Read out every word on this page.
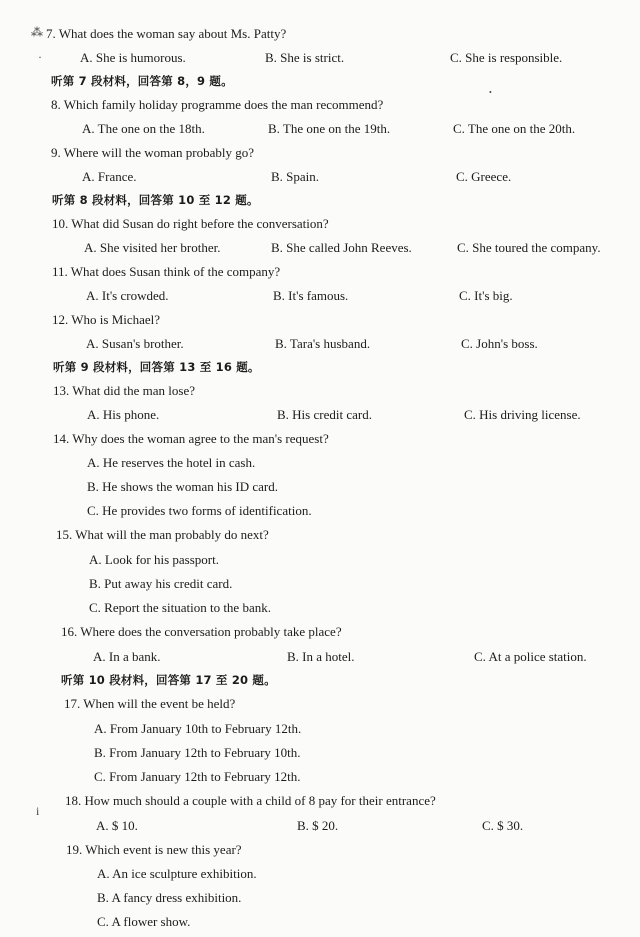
⁂
·
i
•
7. What does the woman say about Ms. Patty?
A. She is humorous.	B. She is strict.	C. She is responsible.
听第 7 段材料，回答第 8，9 题。
8. Which family holiday programme does the man recommend?
A. The one on the 18th.	B. The one on the 19th.	C. The one on the 20th.
9. Where will the woman probably go?
A. France.	B. Spain.	C. Greece.
听第 8 段材料，回答第 10 至 12 题。
10. What did Susan do right before the conversation?
A. She visited her brother.	B. She called John Reeves.	C. She toured the company.
11. What does Susan think of the company?
A. It's crowded.	B. It's famous.	C. It's big.
12. Who is Michael?
A. Susan's brother.	B. Tara's husband.	C. John's boss.
听第 9 段材料，回答第 13 至 16 题。
13. What did the man lose?
A. His phone.	B. His credit card.	C. His driving license.
14. Why does the woman agree to the man's request?
A. He reserves the hotel in cash.
B. He shows the woman his ID card.
C. He provides two forms of identification.
15. What will the man probably do next?
A. Look for his passport.
B. Put away his credit card.
C. Report the situation to the bank.
16. Where does the conversation probably take place?
A. In a bank.	B. In a hotel.	C. At a police station.
听第 10 段材料，回答第 17 至 20 题。
17. When will the event be held?
A. From January 10th to February 12th.
B. From January 12th to February 10th.
C. From January 12th to February 12th.
18. How much should a couple with a child of 8 pay for their entrance?
A. $ 10.	B. $ 20.	C. $ 30.
19. Which event is new this year?
A. An ice sculpture exhibition.
B. A fancy dress exhibition.
C. A flower show.
